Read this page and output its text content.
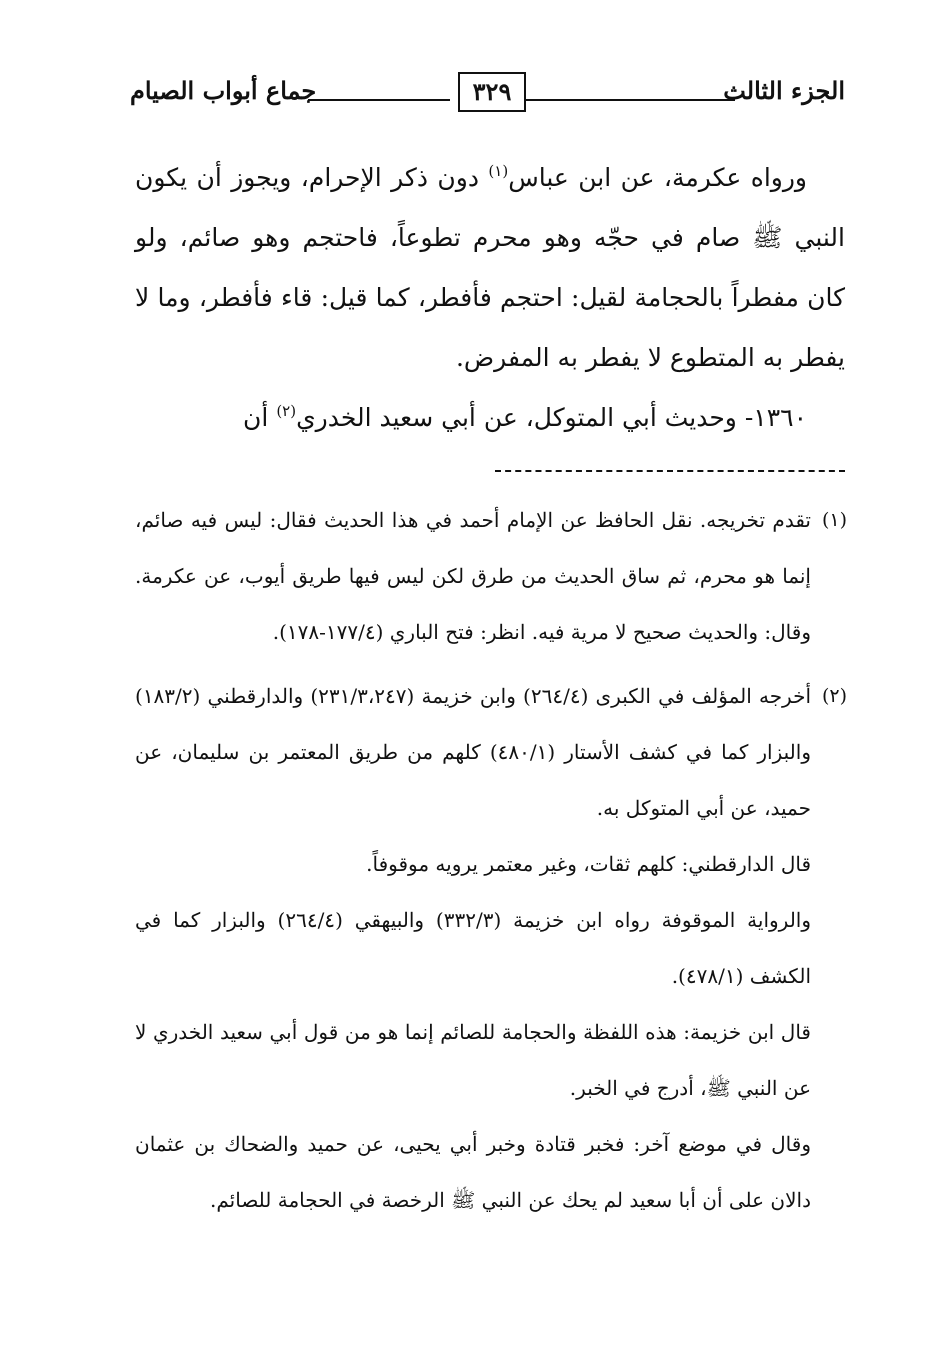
الجزء الثالث
٣٢٩
جماع أبواب الصيام

ورواه عكرمة، عن ابن عباس$^{(١)}$ دون ذكر الإحرام، ويجوز أن يكون النبي ﷺ صام في حجّه وهو محرم تطوعاً، فاحتجم وهو صائم، ولو كان مفطراً بالحجامة لقيل: احتجم فأفطر، كما قيل: قاء فأفطر، وما لا يفطر به المتطوع لا يفطر به المفرض.

١٣٦٠- وحديث أبي المتوكل، عن أبي سعيد الخدري$^{(٢)}$ أن

(١)

تقدم تخريجه. نقل الحافظ عن الإمام أحمد في هذا الحديث فقال: ليس فيه صائم، إنما هو محرم، ثم ساق الحديث من طرق لكن ليس فيها طريق أيوب، عن عكرمة. وقال: والحديث صحيح لا مرية فيه. انظر: فتح الباري (١٧٧/٤-١٧٨).

(٢)

أخرجه المؤلف في الكبرى (٢٦٤/٤) وابن خزيمة (٢٣١/٣،٢٤٧) والدارقطني (١٨٣/٢) والبزار كما في كشف الأستار (٤٨٠/١) كلهم من طريق المعتمر بن سليمان، عن حميد، عن أبي المتوكل به.

قال الدارقطني: كلهم ثقات، وغير معتمر يرويه موقوفاً.

والرواية الموقوفة رواه ابن خزيمة (٣٣٢/٣) والبيهقي (٢٦٤/٤) والبزار كما في الكشف (٤٧٨/١).

قال ابن خزيمة: هذه اللفظة والحجامة للصائم إنما هو من قول أبي سعيد الخدري لا عن النبي ﷺ، أدرج في الخبر.

وقال في موضع آخر: فخبر قتادة وخبر أبي يحيى، عن حميد والضحاك بن عثمان دالان على أن أبا سعيد لم يحك عن النبي ﷺ الرخصة في الحجامة للصائم.
